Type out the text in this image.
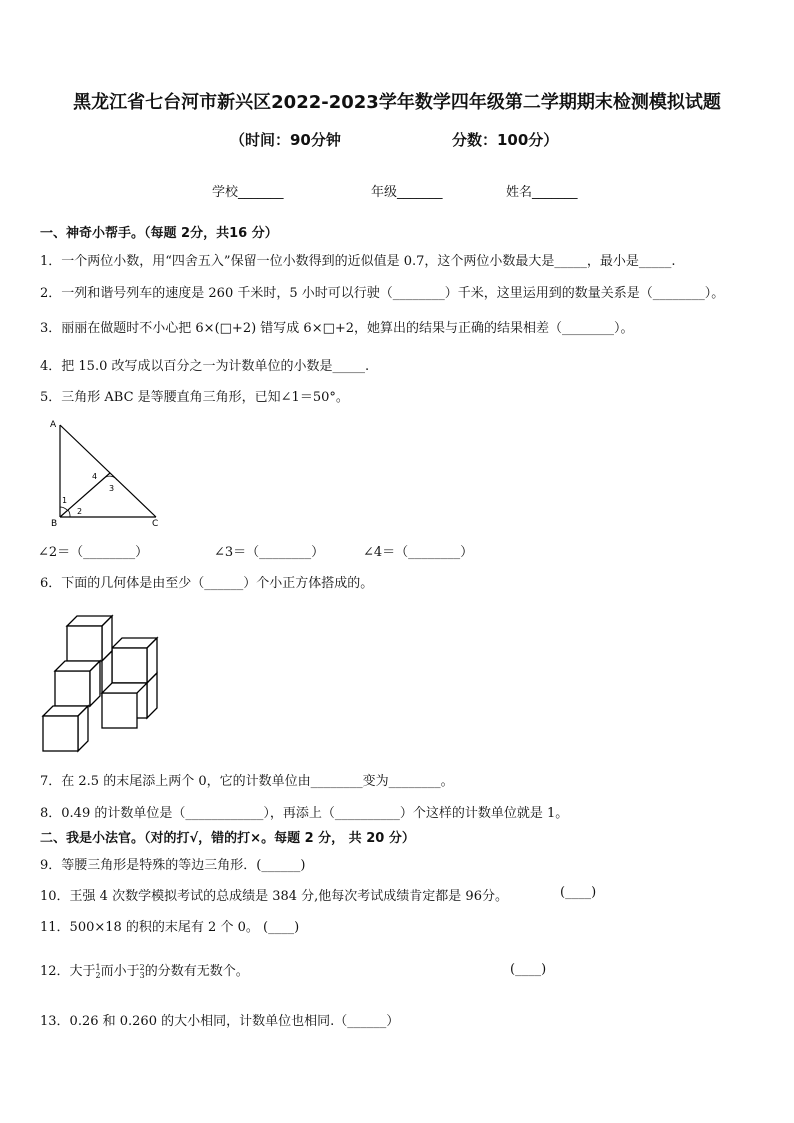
黑龙江省七台河市新兴区2022-2023学年数学四年级第二学期期末检测模拟试题
（时间：90分钟	分数：100分）
学校_______	年级_______	姓名_______
一、神奇小帮手。（每题 2分，共16 分）
1．一个两位小数，用“四舍五入”保留一位小数得到的近似值是 0.7，这个两位小数最大是_____，最小是_____.
2．一列和谐号列车的速度是 260 千米时，5 小时可以行驶（________）千米，这里运用到的数量关系是（________）。
3．丽丽在做题时不小心把 6×(□+2) 错写成 6×□+2，她算出的结果与正确的结果相差（________）。
4．把 15.0 改写成以百分之一为计数单位的小数是_____.
5．三角形 ABC 是等腰直角三角形，已知∠1＝50°。
A
B	C
1
2
3
4
∠2＝（________）	∠3＝（________）	∠4＝（________）
6．下面的几何体是由至少（______）个小正方体搭成的。
7．在 2.5 的末尾添上两个 0，它的计数单位由________变为________。
8．0.49 的计数单位是（____________），再添上（__________）个这样的计数单位就是 1。
二、我是小法官。（对的打√，错的打×。每题 2 分， 共 20 分）
9．等腰三角形是特殊的等边三角形．(______)
10．王强 4 次数学模拟考试的总成绩是 384 分,他每次考试成绩肯定都是 96分。	(____)
11．500×18 的积的末尾有 2 个 0。 (____)
12．大于 1
2 而小于 2
3 的分数有无数个。	(____)
13．0.26 和 0.260 的大小相同，计数单位也相同.（______）
